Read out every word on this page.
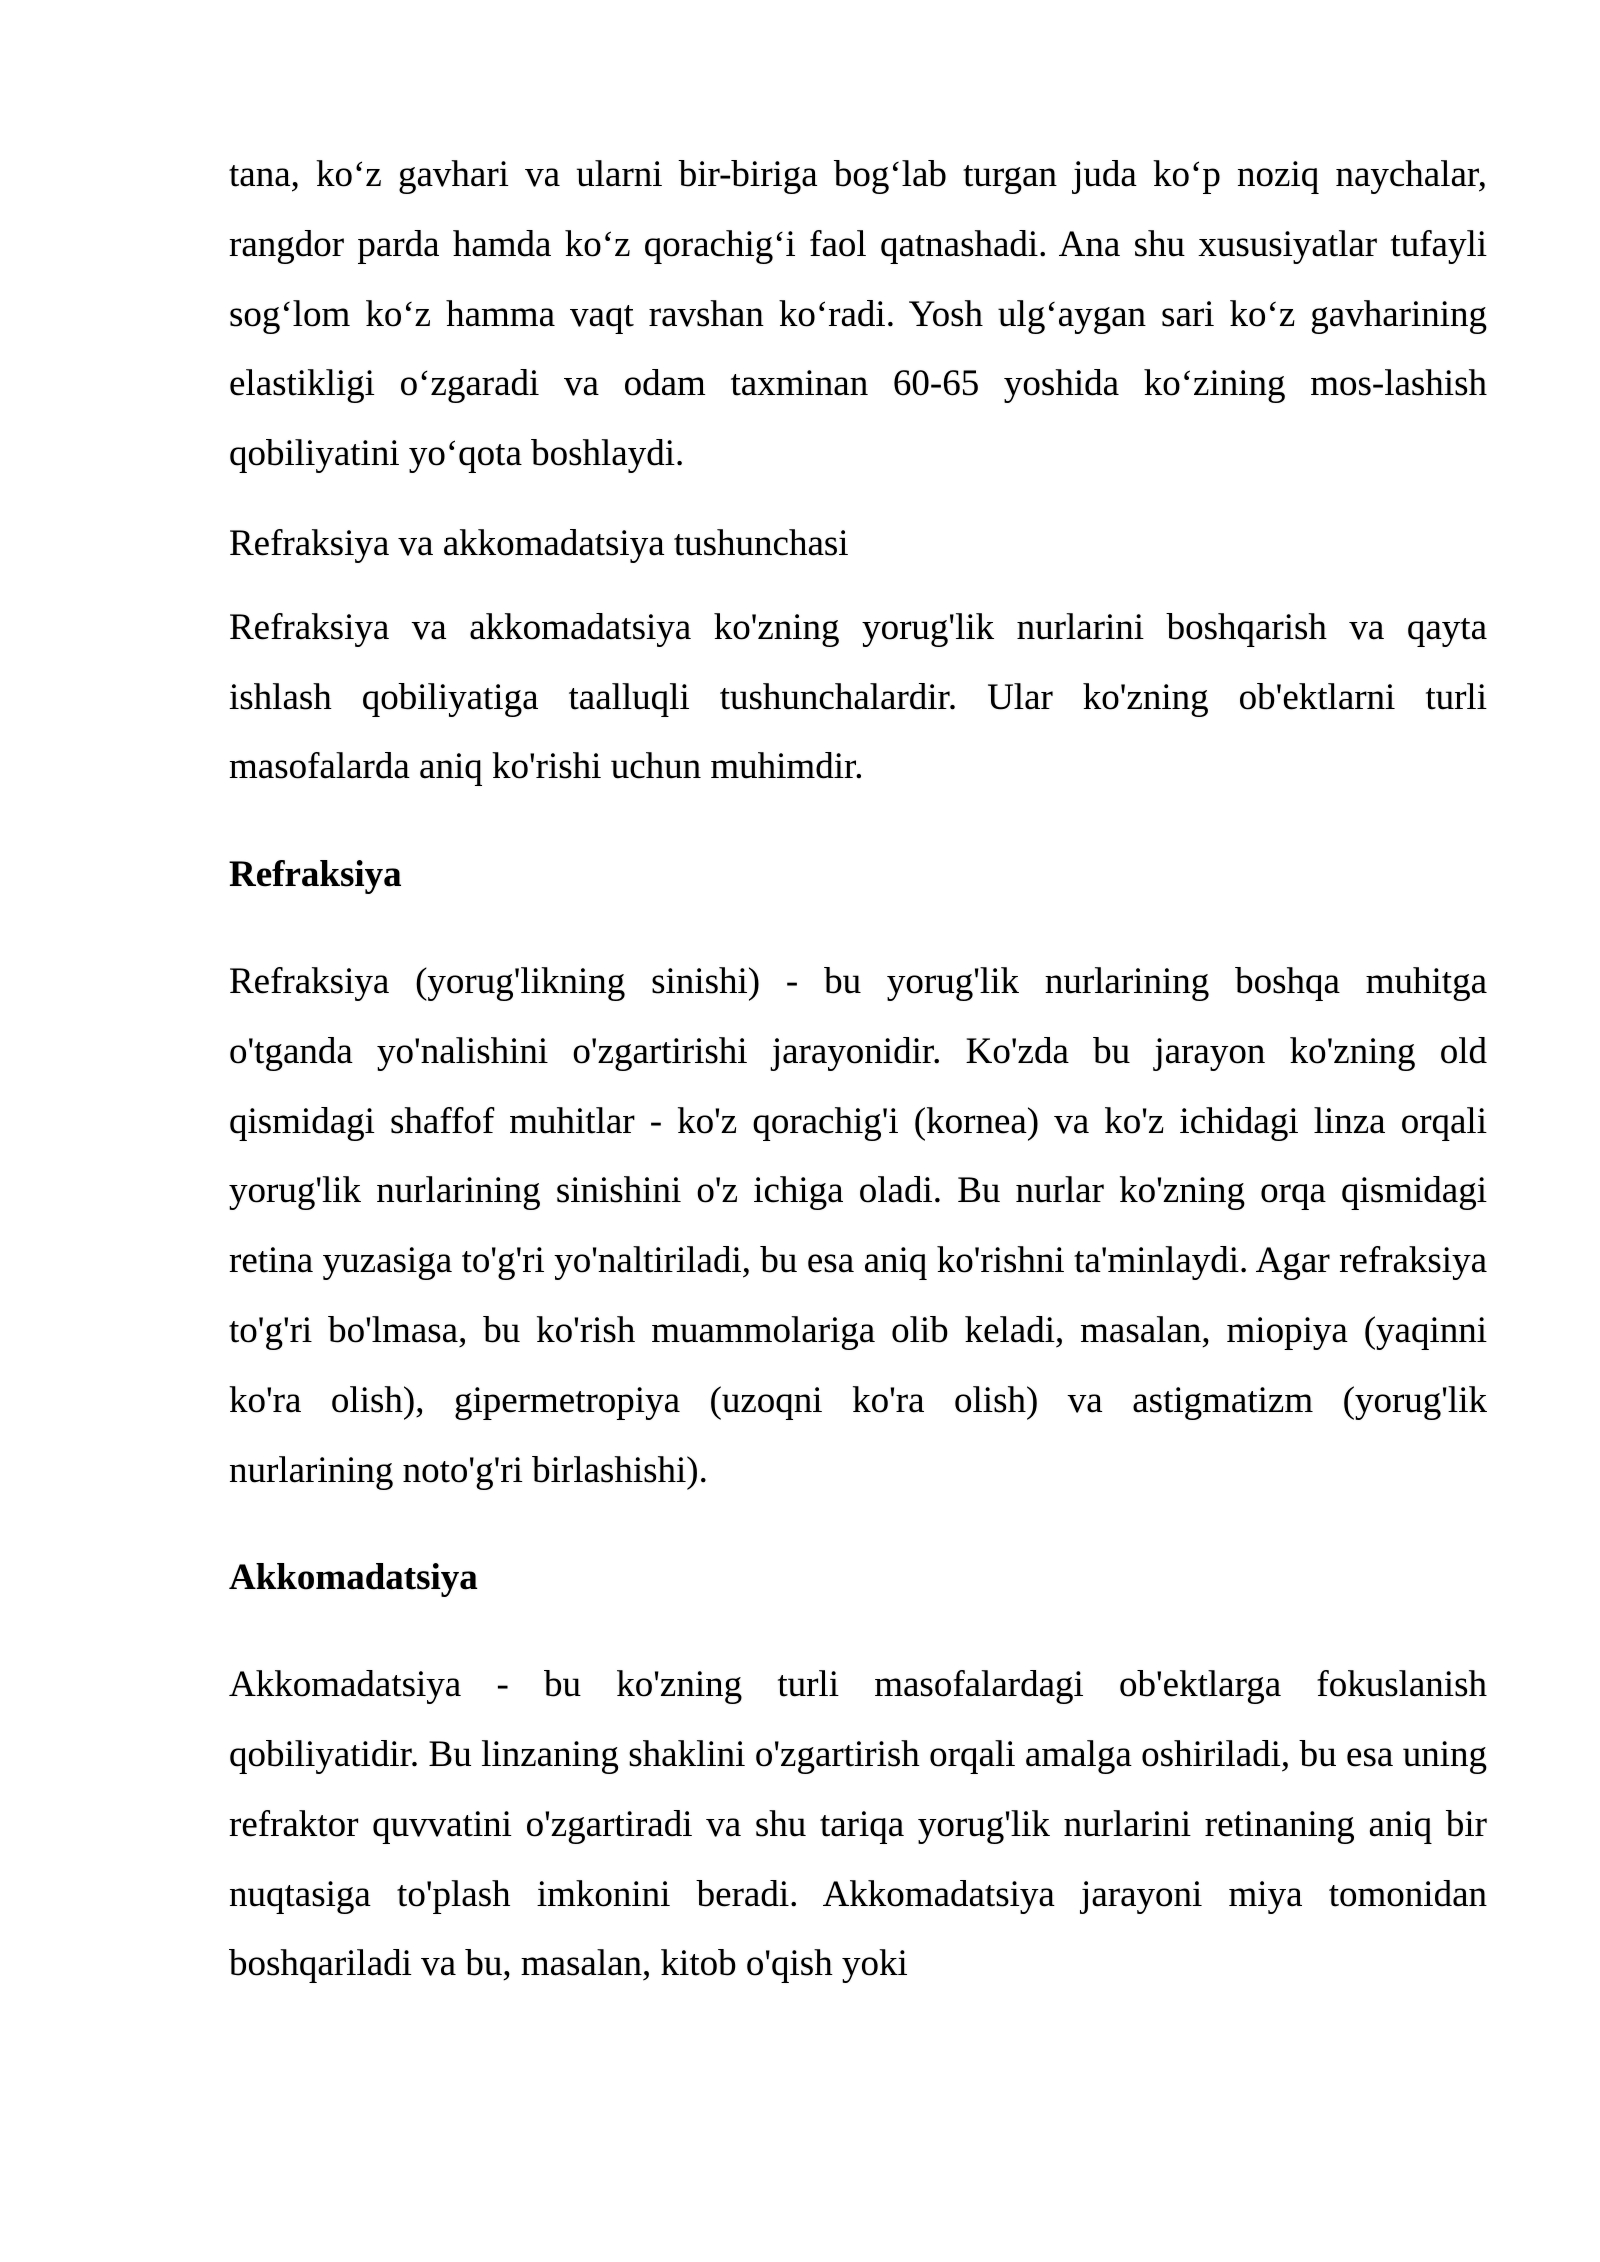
tana, ko‘z gavhari va ularni bir-biriga bog‘lab turgan juda ko‘p noziq naychalar, rangdor parda hamda ko‘z qorachig‘i faol qatnashadi. Ana shu xususiyatlar tufayli sog‘lom ko‘z hamma vaqt ravshan ko‘radi. Yosh ulg‘aygan sari ko‘z gavharining elastikligi o‘zgaradi va odam taxminan 60-65 yoshida ko‘zining mos-lashish qobiliyatini yo‘qota boshlaydi.

Refraksiya va akkomadatsiya tushunchasi

Refraksiya va akkomadatsiya ko'zning yorug'lik nurlarini boshqarish va qayta ishlash qobiliyatiga taalluqli tushunchalardir. Ular ko'zning ob'ektlarni turli masofalarda aniq ko'rishi uchun muhimdir.

Refraksiya

Refraksiya (yorug'likning sinishi) - bu yorug'lik nurlarining boshqa muhitga o'tganda yo'nalishini o'zgartirishi jarayonidir. Ko'zda bu jarayon ko'zning old qismidagi shaffof muhitlar - ko'z qorachig'i (kornea) va ko'z ichidagi linza orqali yorug'lik nurlarining sinishini o'z ichiga oladi. Bu nurlar ko'zning orqa qismidagi retina yuzasiga to'g'ri yo'naltiriladi, bu esa aniq ko'rishni ta'minlaydi. Agar refraksiya to'g'ri bo'lmasa, bu ko'rish muammolariga olib keladi, masalan, miopiya (yaqinni ko'ra olish), gipermetropiya (uzoqni ko'ra olish) va astigmatizm (yorug'lik nurlarining noto'g'ri birlashishi).

Akkomadatsiya

Akkomadatsiya - bu ko'zning turli masofalardagi ob'ektlarga fokuslanish qobiliyatidir. Bu linzaning shaklini o'zgartirish orqali amalga oshiriladi, bu esa uning refraktor quvvatini o'zgartiradi va shu tariqa yorug'lik nurlarini retinaning aniq bir nuqtasiga to'plash imkonini beradi. Akkomadatsiya jarayoni miya tomonidan boshqariladi va bu, masalan, kitob o'qish yoki
